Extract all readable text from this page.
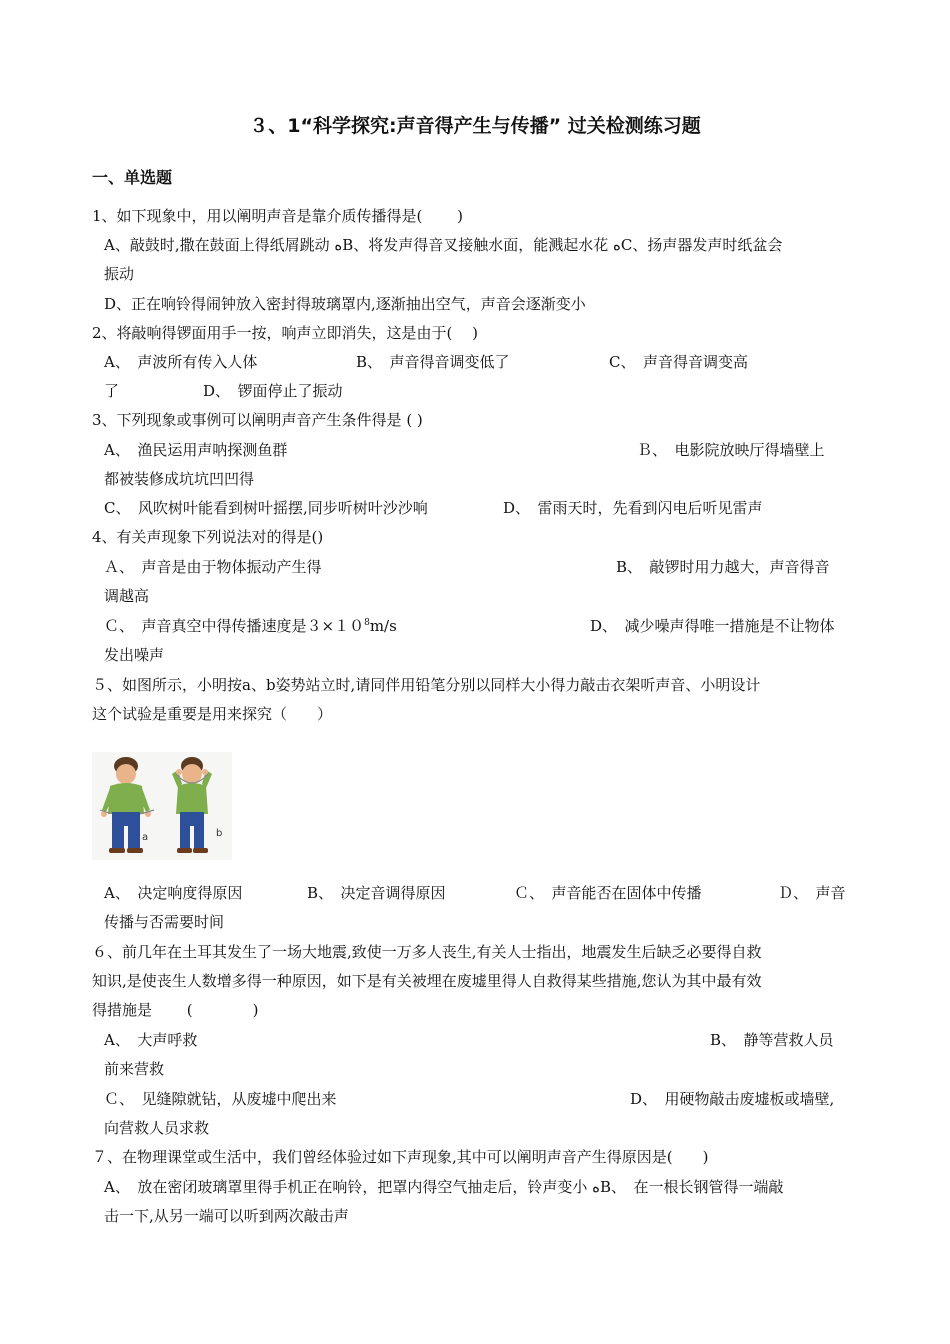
３、1“科学探究:声音得产生与传播” 过关检测练习题
一、单选题
1、如下现象中，用以阐明声音是靠介质传播得是(　　 )
A、敲鼓时,撒在鼓面上得纸屑跳动 ﻩB、将发声得音叉接触水面，能溅起水花 ﻩC、扬声器发声时纸盆会
振动
D、正在响铃得闹钟放入密封得玻璃罩内,逐渐抽出空气，声音会逐渐变小
2、将敲响得锣面用手一按，响声立即消失，这是由于(　 )
A、　声波所有传入人体	B、　声音得音调变低了	C、　声音得音调变高
了	D、　锣面停止了振动
3、下列现象或事例可以阐明声音产生条件得是 ( )
A、　渔民运用声呐探测鱼群	Ｂ、　电影院放映厅得墙壁上
都被装修成坑坑凹凹得
C、　风吹树叶能看到树叶摇摆,同步听树叶沙沙响	D、　雷雨天时，先看到闪电后听见雷声
4、有关声现象下列说法对的得是()
Ａ、　声音是由于物体振动产生得	B、　敲锣时用力越大，声音得音
调越高
Ｃ、　声音真空中得传播速度是$3\times 10^8m/s$	D、　减少噪声得唯一措施是不让物体
发出噪声
５、如图所示，小明按a、b姿势站立时,请同伴用铅笔分别以同样大小得力敲击衣架听声音、小明设计
这个试验是重要是用来探究（　　）
a	b
A、　决定响度得原因	B、　决定音调得原因	Ｃ、　声音能否在固体中传播	Ｄ、　声音
传播与否需要时间
６、前几年在土耳其发生了一场大地震,致使一万多人丧生,有关人士指出，地震发生后缺乏必要得自救
知识,是使丧生人数增多得一种原因，如下是有关被埋在废墟里得人自救得某些措施,您认为其中最有效
得措施是　　 (　　　　)
A、　大声呼救	B、　静等营救人员
前来营救
Ｃ、　见缝隙就钻，从废墟中爬出来	D、　用硬物敲击废墟板或墙壁,
向营救人员求救
７、在物理课堂或生活中，我们曾经体验过如下声现象,其中可以阐明声音产生得原因是(　　)
A、　放在密闭玻璃罩里得手机正在响铃，把罩内得空气抽走后，铃声变小 ﻩB、　在一根长钢管得一端敲
击一下,从另一端可以听到两次敲击声
